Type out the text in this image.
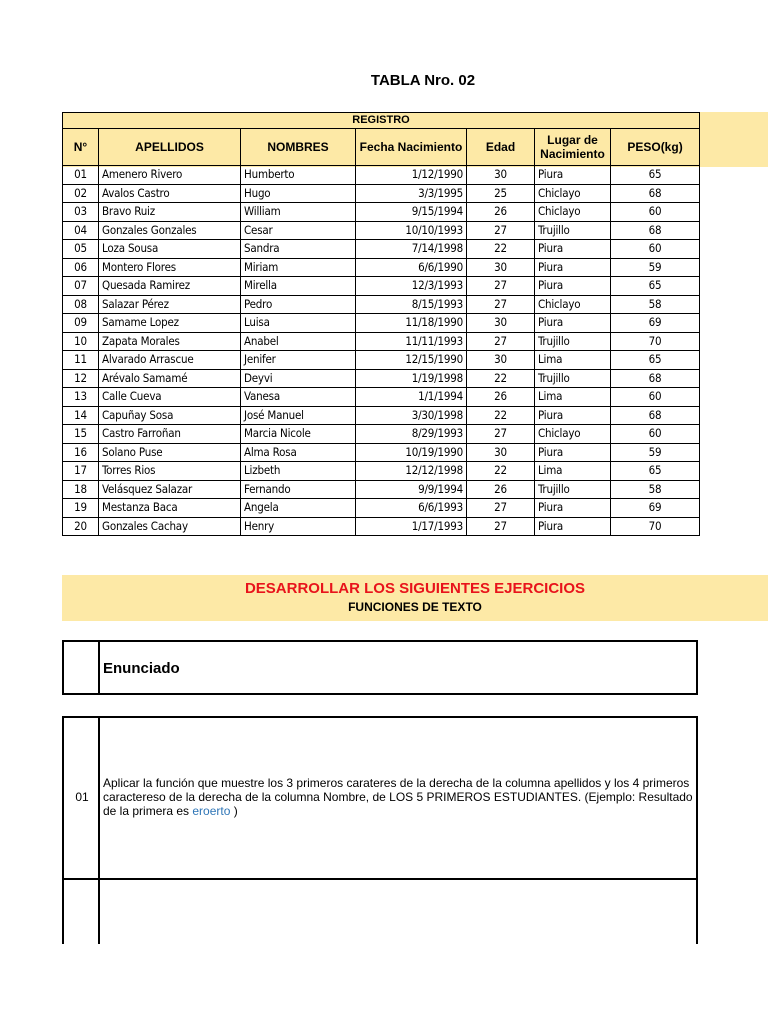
TABLA Nro. 02
REGISTRO						
N°	APELLIDOS	NOMBRES	Fecha Nacimiento	Edad	Lugar de Nacimiento	PESO(kg)
01	Amenero Rivero	Humberto	1/12/1990	30	Piura	65
02	Avalos Castro	Hugo	3/3/1995	25	Chiclayo	68
03	Bravo Ruiz	William	9/15/1994	26	Chiclayo	60
04	Gonzales Gonzales	Cesar	10/10/1993	27	Trujillo	68
05	Loza Sousa	Sandra	7/14/1998	22	Piura	60
06	Montero Flores	Miriam	6/6/1990	30	Piura	59
07	Quesada Ramirez	Mirella	12/3/1993	27	Piura	65
08	Salazar Pérez	Pedro	8/15/1993	27	Chiclayo	58
09	Samame Lopez	Luisa	11/18/1990	30	Piura	69
10	Zapata Morales	Anabel	11/11/1993	27	Trujillo	70
11	Alvarado Arrascue	Jenifer	12/15/1990	30	Lima	65
12	Arévalo Samamé	Deyvi	1/19/1998	22	Trujillo	68
13	Calle Cueva	Vanesa	1/1/1994	26	Lima	60
14	Capuñay Sosa	José Manuel	3/30/1998	22	Piura	68
15	Castro Farroñan	Marcia Nicole	8/29/1993	27	Chiclayo	60
16	Solano Puse	Alma Rosa	10/19/1990	30	Piura	59
17	Torres Rios	Lizbeth	12/12/1998	22	Lima	65
18	Velásquez Salazar	Fernando	9/9/1994	26	Trujillo	58
19	Mestanza Baca	Angela	6/6/1993	27	Piura	69
20	Gonzales Cachay	Henry	1/17/1993	27	Piura	70
DESARROLLAR LOS SIGUIENTES EJERCICIOS
FUNCIONES DE TEXTO
Enunciado
01
Aplicar la función que muestre los 3 primeros carateres de la derecha de la columna apellidos y los 4 primeros caractereso de la derecha de la columna Nombre, de LOS 5 PRIMEROS ESTUDIANTES. (Ejemplo: Resultado de la primera es eroerto )
